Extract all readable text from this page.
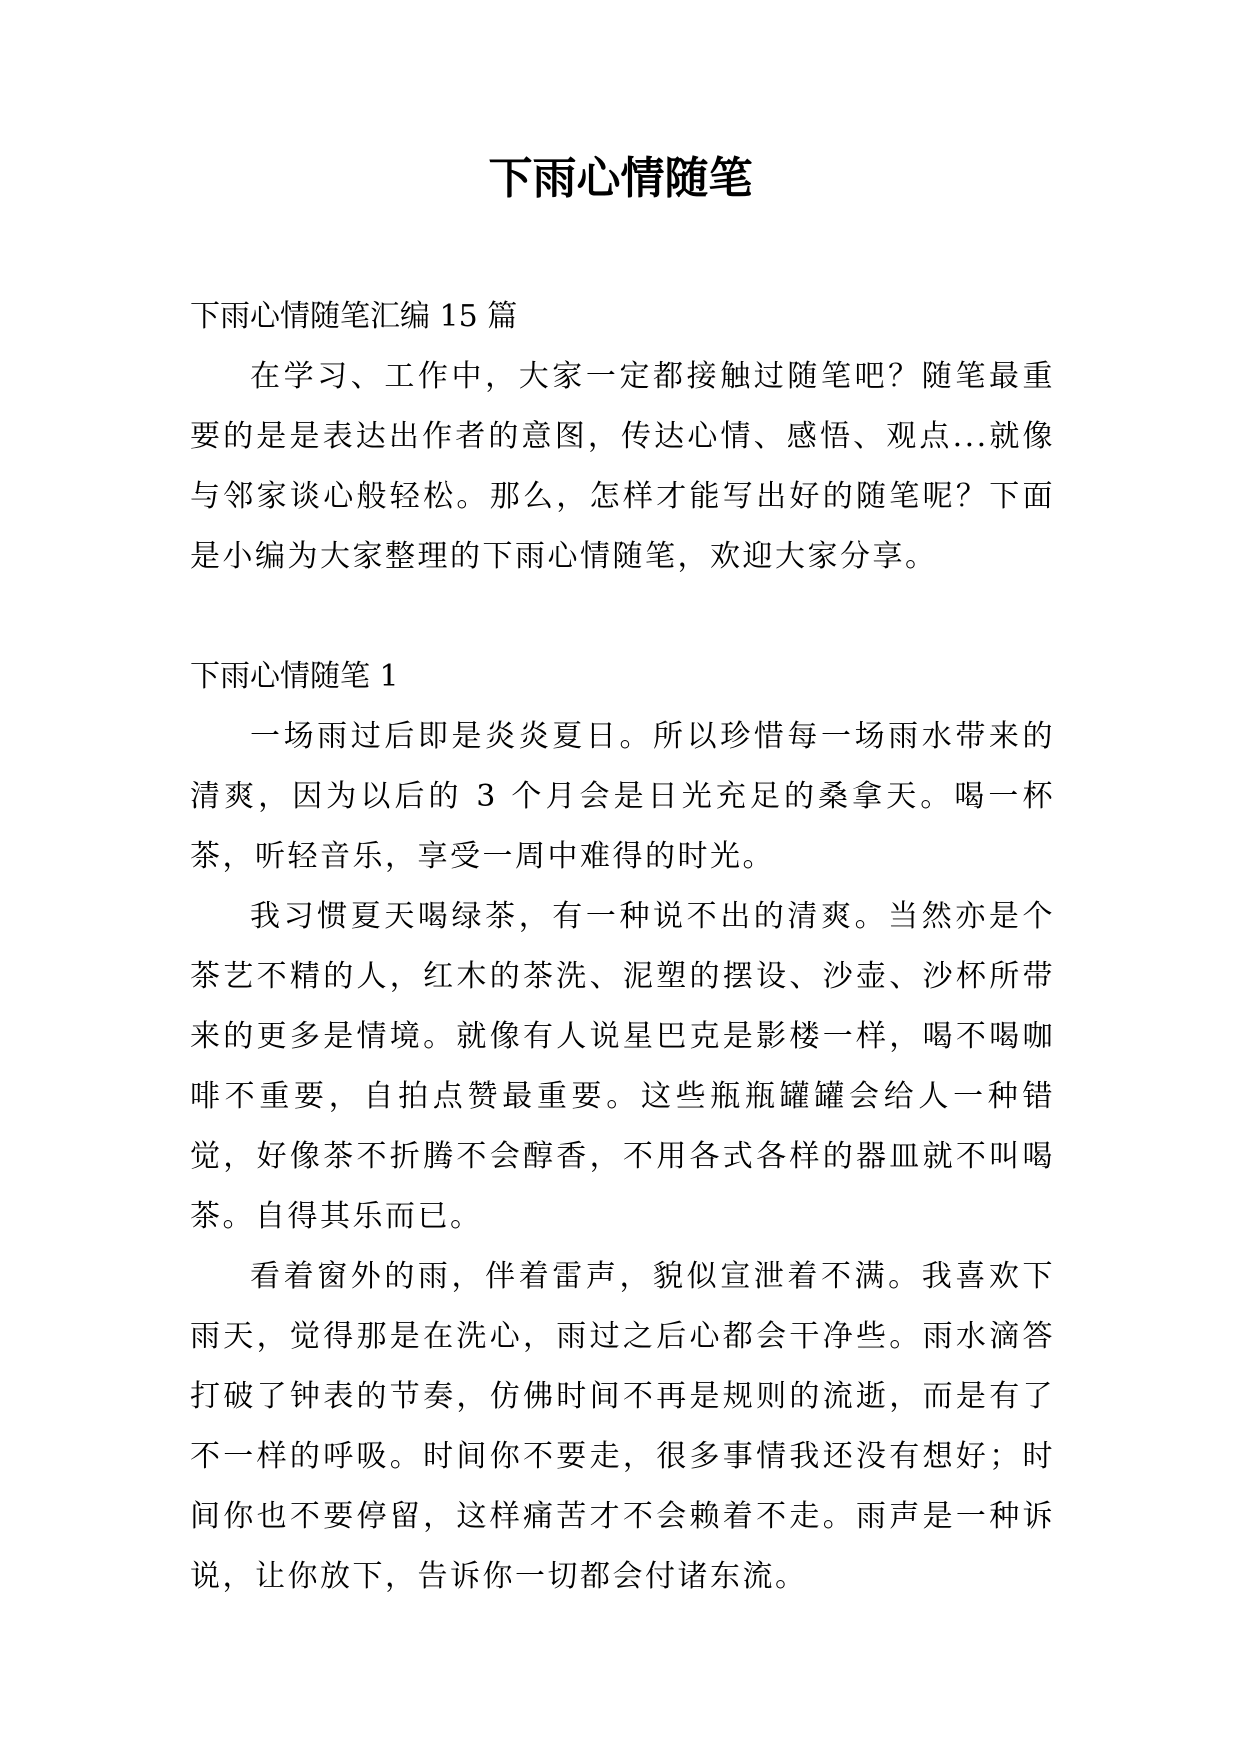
下雨心情随笔

下雨心情随笔汇编 15 篇

在学习、工作中，大家一定都接触过随笔吧？随笔最重要的是是表达出作者的意图，传达心情、感悟、观点...就像与邻家谈心般轻松。那么，怎样才能写出好的随笔呢？下面是小编为大家整理的下雨心情随笔，欢迎大家分享。

下雨心情随笔 1

一场雨过后即是炎炎夏日。所以珍惜每一场雨水带来的清爽，因为以后的 3 个月会是日光充足的桑拿天。喝一杯茶，听轻音乐，享受一周中难得的时光。

我习惯夏天喝绿茶，有一种说不出的清爽。当然亦是个茶艺不精的人，红木的茶洗、泥塑的摆设、沙壶、沙杯所带来的更多是情境。就像有人说星巴克是影楼一样，喝不喝咖啡不重要，自拍点赞最重要。这些瓶瓶罐罐会给人一种错觉，好像茶不折腾不会醇香，不用各式各样的器皿就不叫喝茶。自得其乐而已。

看着窗外的雨，伴着雷声，貌似宣泄着不满。我喜欢下雨天，觉得那是在洗心，雨过之后心都会干净些。雨水滴答打破了钟表的节奏，仿佛时间不再是规则的流逝，而是有了不一样的呼吸。时间你不要走，很多事情我还没有想好；时间你也不要停留，这样痛苦才不会赖着不走。雨声是一种诉说，让你放下，告诉你一切都会付诸东流。
